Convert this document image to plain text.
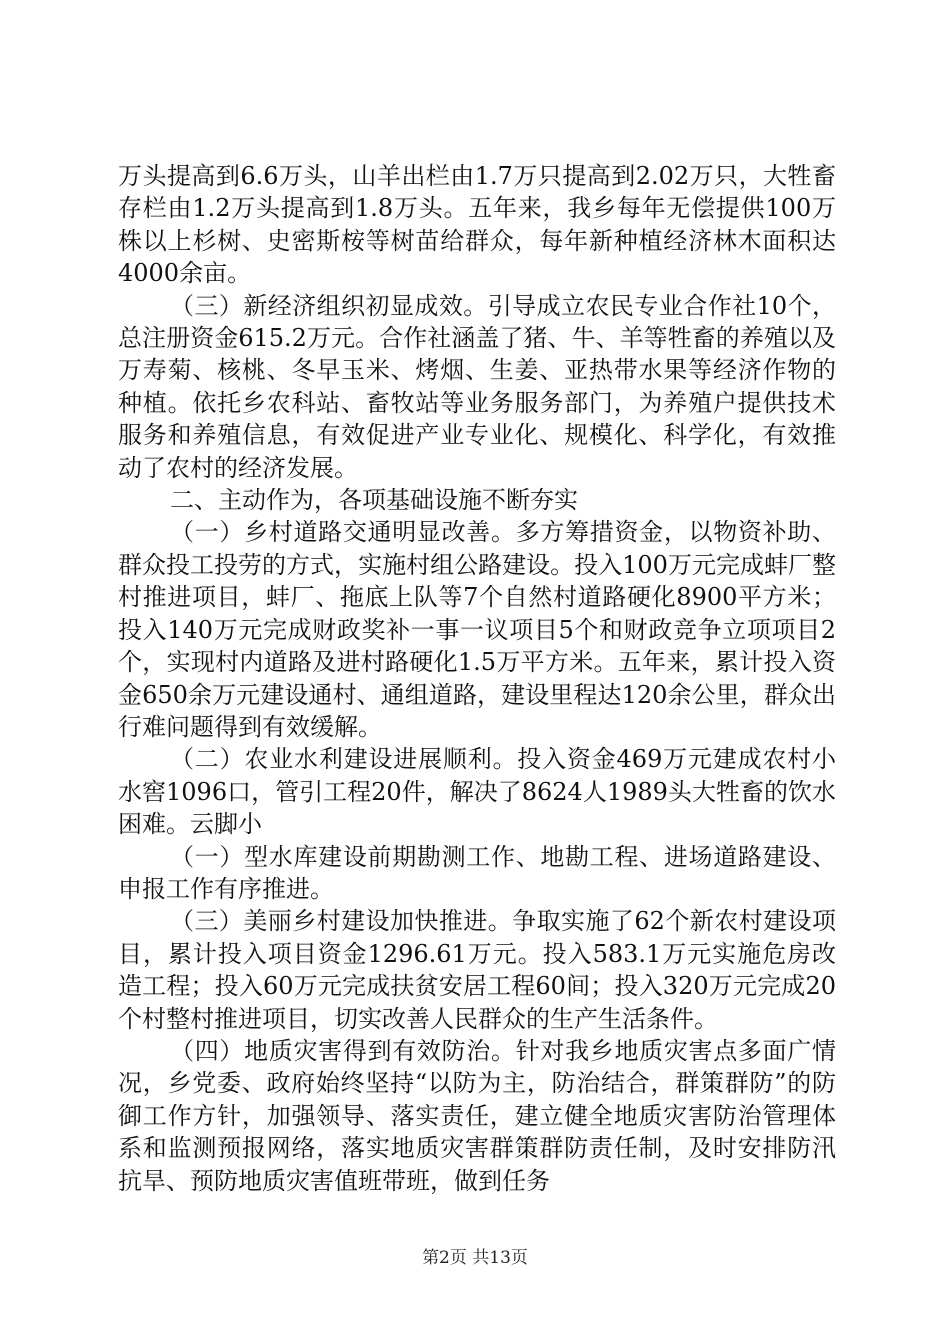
万头提高到6.6万头，山羊出栏由1.7万只提高到2.02万只，大牲畜存栏由1.2万头提高到1.8万头。五年来，我乡每年无偿提供100万株以上杉树、史密斯桉等树苗给群众，每年新种植经济林木面积达4000余亩。

（三）新经济组织初显成效。引导成立农民专业合作社10个，总注册资金615.2万元。合作社涵盖了猪、牛、羊等牲畜的养殖以及万寿菊、核桃、冬早玉米、烤烟、生姜、亚热带水果等经济作物的种植。依托乡农科站、畜牧站等业务服务部门，为养殖户提供技术服务和养殖信息，有效促进产业专业化、规模化、科学化，有效推动了农村的经济发展。

二、主动作为，各项基础设施不断夯实

（一）乡村道路交通明显改善。多方筹措资金，以物资补助、群众投工投劳的方式，实施村组公路建设。投入100万元完成蚌厂整村推进项目，蚌厂、拖底上队等7个自然村道路硬化8900平方米；投入140万元完成财政奖补一事一议项目5个和财政竞争立项项目2个，实现村内道路及进村路硬化1.5万平方米。五年来，累计投入资金650余万元建设通村、通组道路，建设里程达120余公里，群众出行难问题得到有效缓解。

（二）农业水利建设进展顺利。投入资金469万元建成农村小水窖1096口，管引工程20件，解决了8624人1989头大牲畜的饮水困难。云脚小

（一）型水库建设前期勘测工作、地勘工程、进场道路建设、申报工作有序推进。

（三）美丽乡村建设加快推进。争取实施了62个新农村建设项目，累计投入项目资金1296.61万元。投入583.1万元实施危房改造工程；投入60万元完成扶贫安居工程60间；投入320万元完成20个村整村推进项目，切实改善人民群众的生产生活条件。

（四）地质灾害得到有效防治。针对我乡地质灾害点多面广情况，乡党委、政府始终坚持“以防为主，防治结合，群策群防”的防御工作方针，加强领导、落实责任，建立健全地质灾害防治管理体系和监测预报网络，落实地质灾害群策群防责任制，及时安排防汛抗旱、预防地质灾害值班带班，做到任务

第2页 共13页
